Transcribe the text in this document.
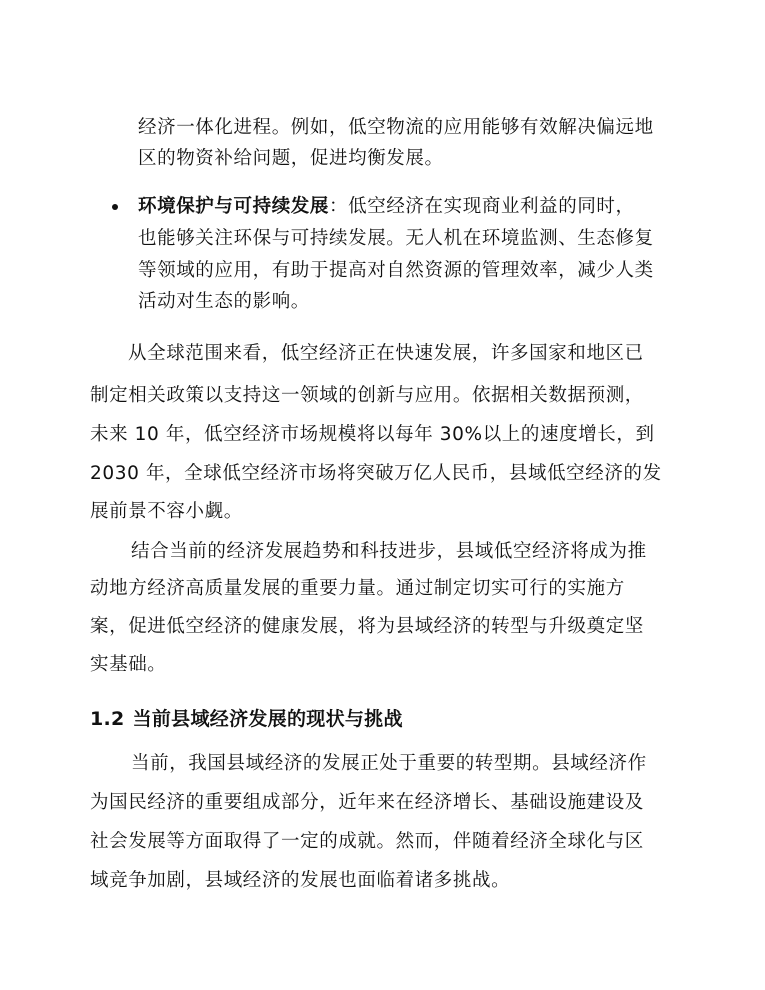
经济一体化进程。例如，低空物流的应用能够有效解决偏远地
区的物资补给问题，促进均衡发展。
环境保护与可持续发展：低空经济在实现商业利益的同时，
也能够关注环保与可持续发展。无人机在环境监测、生态修复
等领域的应用，有助于提高对自然资源的管理效率，减少人类
活动对生态的影响。
从全球范围来看，低空经济正在快速发展，许多国家和地区已
制定相关政策以支持这一领域的创新与应用。依据相关数据预测，
未来 10 年，低空经济市场规模将以每年 30%以上的速度增长，到
2030 年，全球低空经济市场将突破万亿人民币，县域低空经济的发
展前景不容小觑。
结合当前的经济发展趋势和科技进步，县域低空经济将成为推
动地方经济高质量发展的重要力量。通过制定切实可行的实施方
案，促进低空经济的健康发展，将为县域经济的转型与升级奠定坚
实基础。
1.2 当前县域经济发展的现状与挑战
当前，我国县域经济的发展正处于重要的转型期。县域经济作
为国民经济的重要组成部分，近年来在经济增长、基础设施建设及
社会发展等方面取得了一定的成就。然而，伴随着经济全球化与区
域竞争加剧，县域经济的发展也面临着诸多挑战。
